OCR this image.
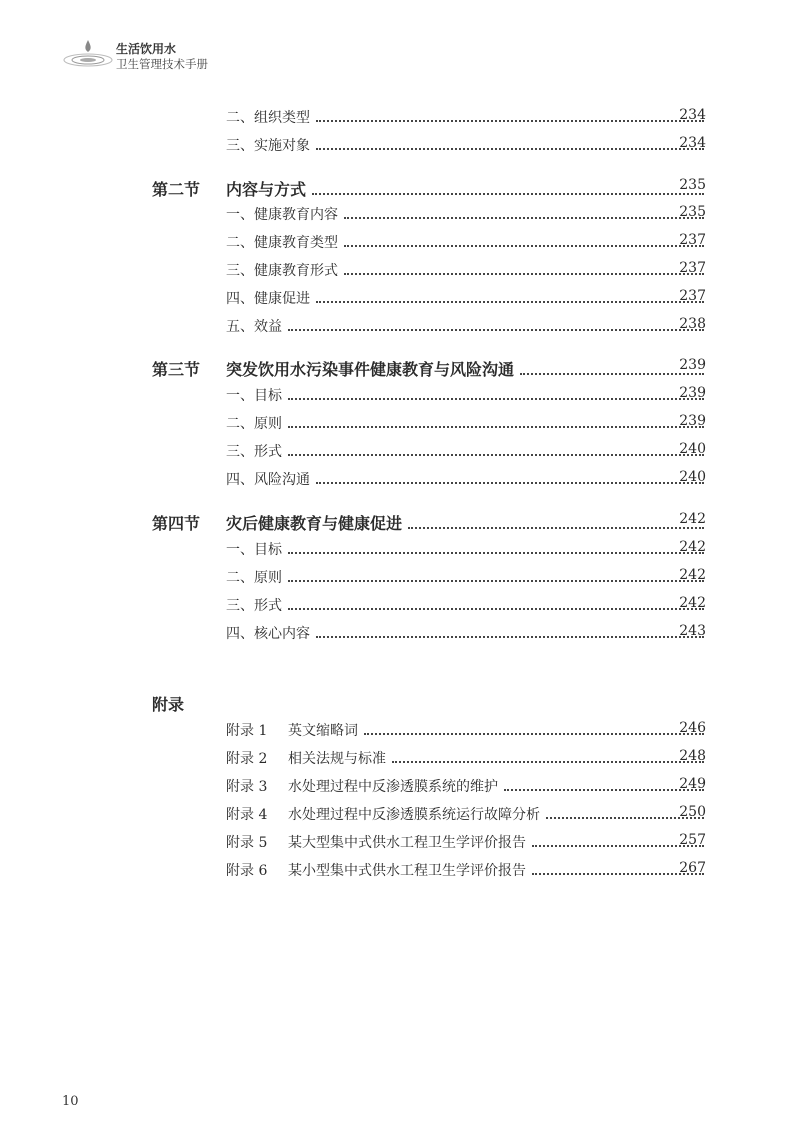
生活饮用水
卫生管理技术手册
二、组织类型	234
三、实施对象	234
第二节 内容与方式	235
一、健康教育内容	235
二、健康教育类型	237
三、健康教育形式	237
四、健康促进	237
五、效益	238
第三节 突发饮用水污染事件健康教育与风险沟通	239
一、目标	239
二、原则	239
三、形式	240
四、风险沟通	240
第四节 灾后健康教育与健康促进	242
一、目标	242
二、原则	242
三、形式	242
四、核心内容	243
附录
附录 1	英文缩略词	246
附录 2	相关法规与标准	248
附录 3	水处理过程中反渗透膜系统的维护	249
附录 4	水处理过程中反渗透膜系统运行故障分析	250
附录 5	某大型集中式供水工程卫生学评价报告	257
附录 6	某小型集中式供水工程卫生学评价报告	267
10
